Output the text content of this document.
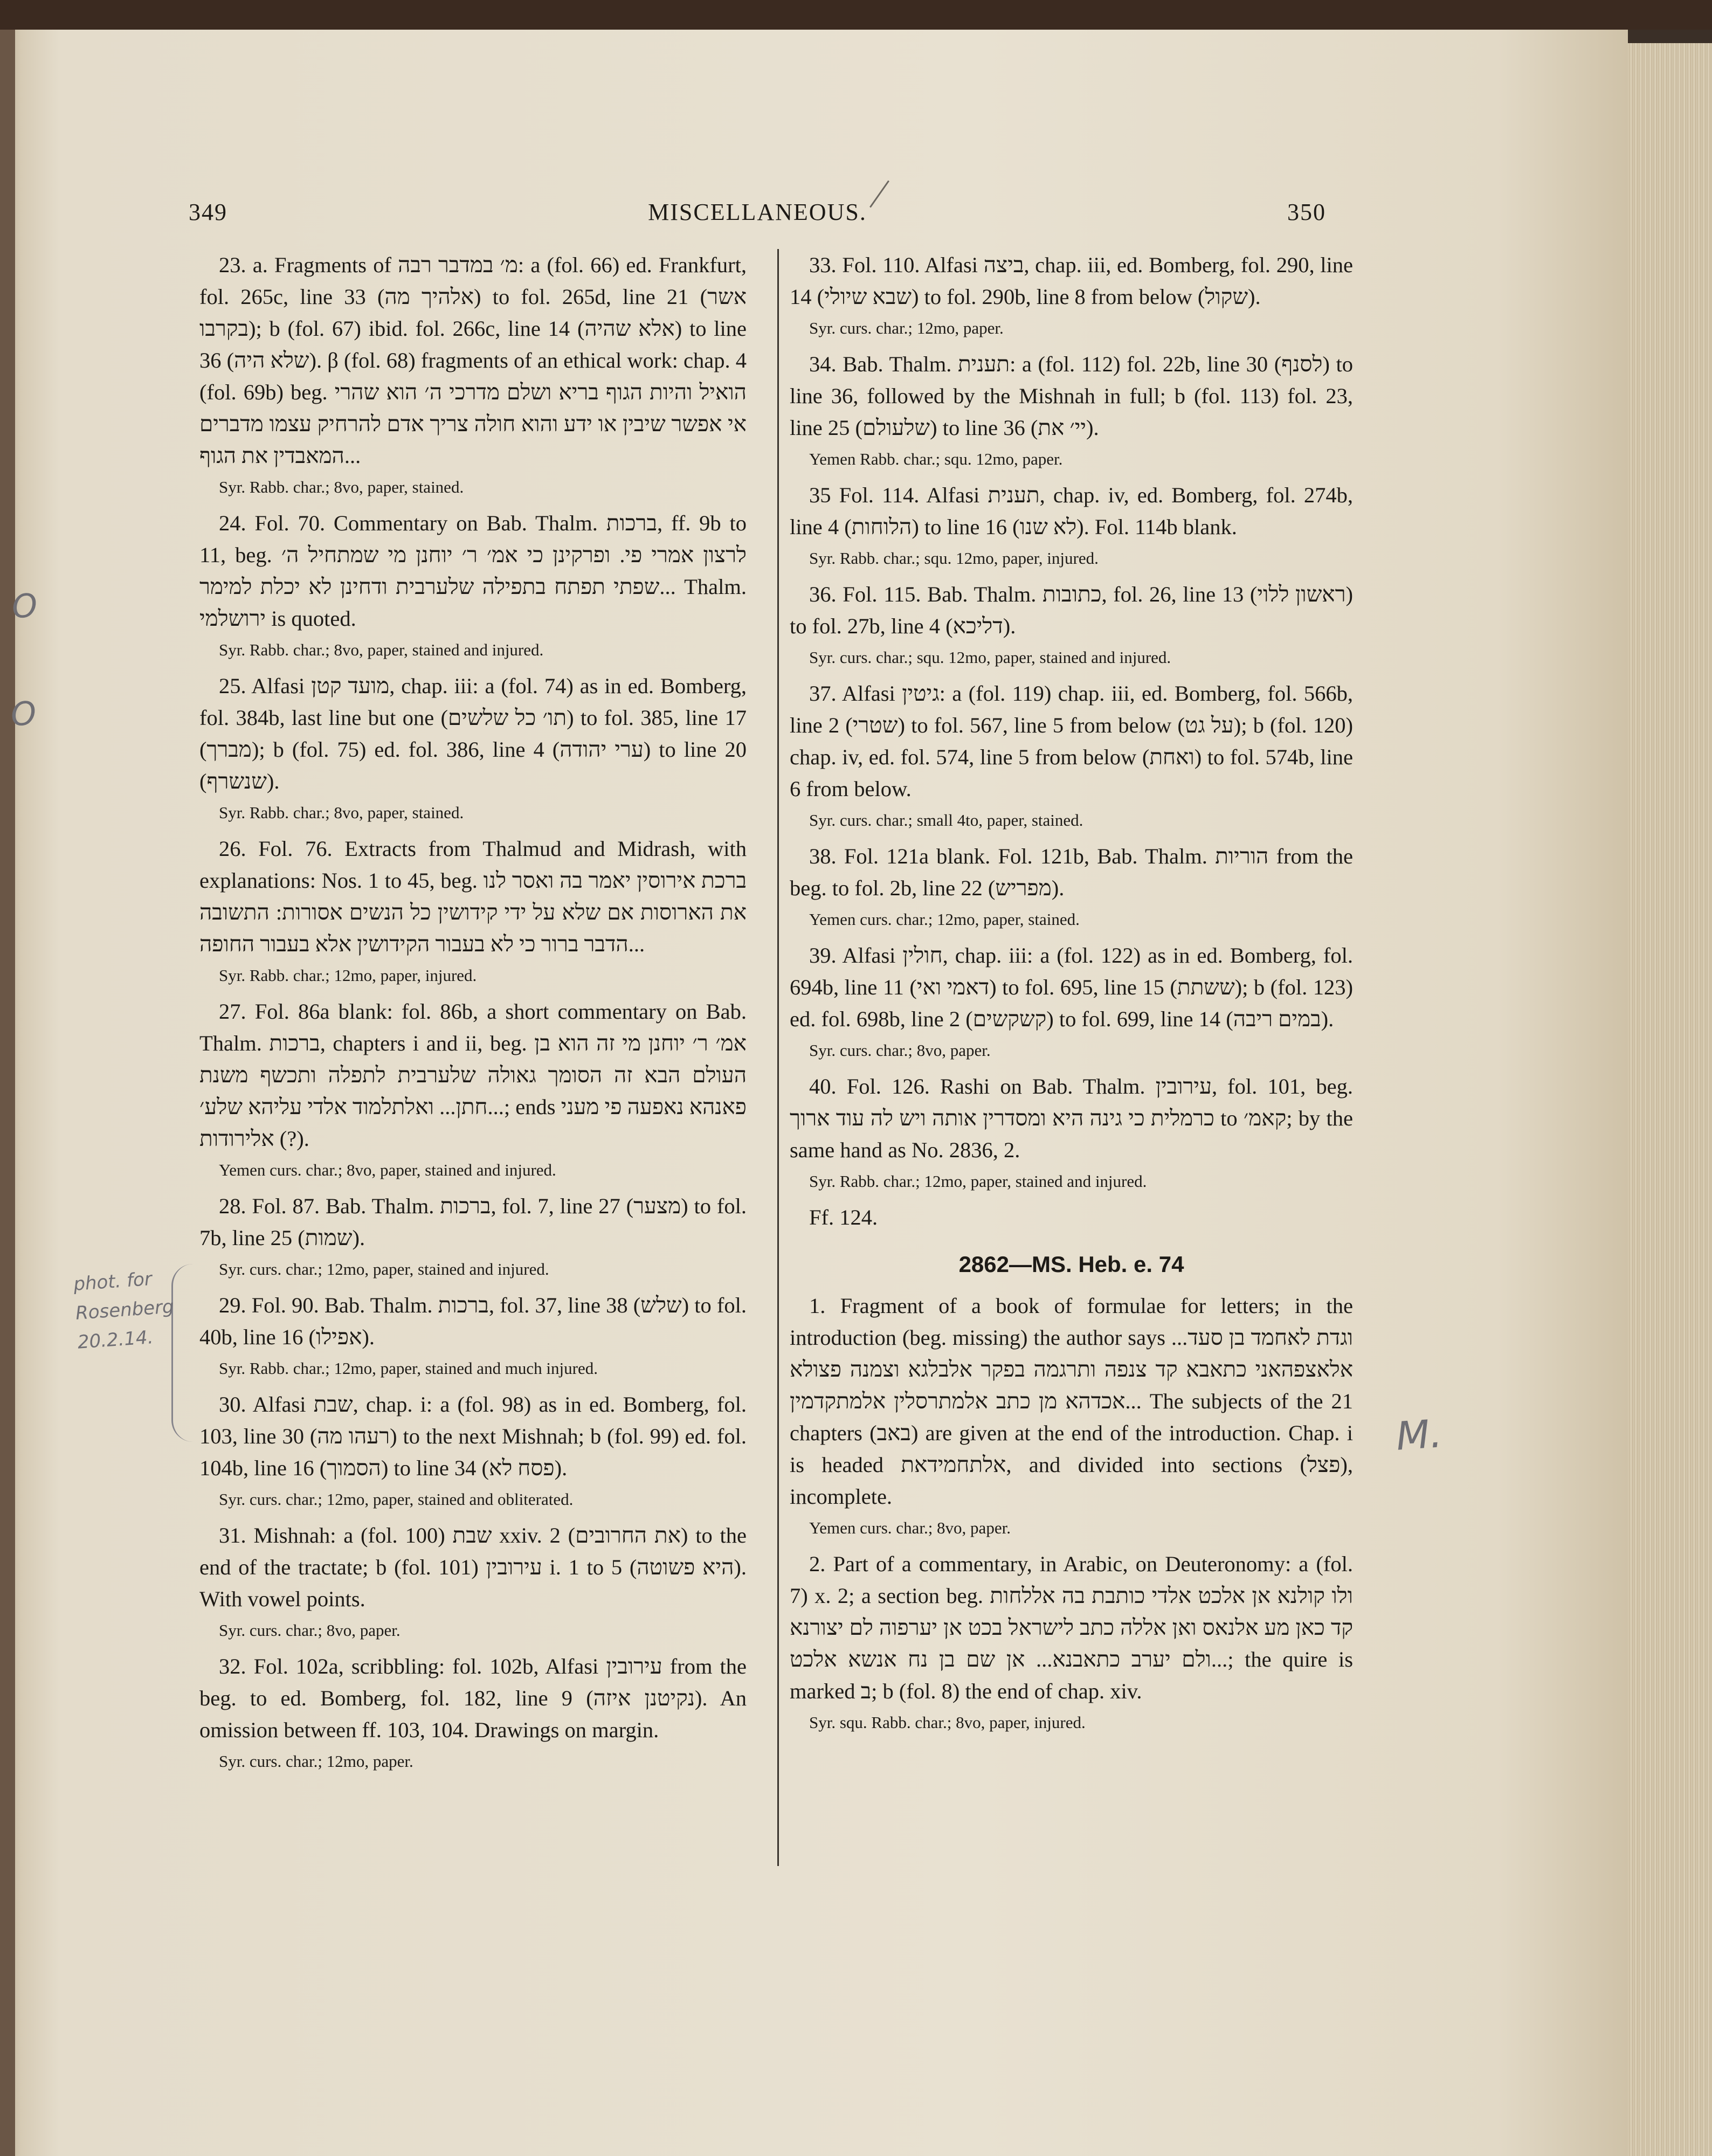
349	MISCELLANEOUS.	350
23. a. Fragments of מ׳ במדבר רבה: a (fol. 66) ed. Frankfurt, fol. 265c, line 33 (אלהיך מה) to fol. 265d, line 21 (אשר בקרבו); b (fol. 67) ibid. fol. 266c, line 14 (אלא שהיה) to line 36 (שלא היה). β (fol. 68) fragments of an ethical work: chap. 4 (fol. 69b) beg. הואיל והיות הגוף בריא ושלם מדרכי ה׳ הוא שהרי אי אפשר שיבין או ידע והוא חולה צריך אדם להרחיק עצמו מדברים המאבדין את הגוף...
Syr. Rabb. char.; 8vo, paper, stained.
24. Fol. 70. Commentary on Bab. Thalm. ברכות, ff. 9b to 11, beg. לרצון אמרי פי. ופרקינן כי אמ׳ ר׳ יוחנן מי שמתחיל ה׳ שפתי תפתח בתפילה שלערבית ודחינן לא יכלת למימר... Thalm. ירושלמי is quoted.
Syr. Rabb. char.; 8vo, paper, stained and injured.
25. Alfasi מועד קטן, chap. iii: a (fol. 74) as in ed. Bomberg, fol. 384b, last line but one (תו׳ כל שלשים) to fol. 385, line 17 (מברך); b (fol. 75) ed. fol. 386, line 4 (ערי יהודה) to line 20 (שנשרף).
Syr. Rabb. char.; 8vo, paper, stained.
26. Fol. 76. Extracts from Thalmud and Midrash, with explanations: Nos. 1 to 45, beg. ברכת אירוסין יאמר בה ואסר לנו את הארוסות אם שלא על ידי קידושין כל הנשים אסורות: התשובה הדבר ברור כי לא בעבור הקידושין אלא בעבור החופה...
Syr. Rabb. char.; 12mo, paper, injured.
27. Fol. 86a blank: fol. 86b, a short commentary on Bab. Thalm. ברכות, chapters i and ii, beg. אמ׳ ר׳ יוחנן מי זה הוא בן העולם הבא זה הסומך גאולה שלערבית לתפלה ותכשף משנת חתן... ואלתלמוד אלדי עליהא שלע׳...; ends פאנהא נאפעה פי מעני אלירודות (?).
Yemen curs. char.; 8vo, paper, stained and injured.
28. Fol. 87. Bab. Thalm. ברכות, fol. 7, line 27 (מצער) to fol. 7b, line 25 (שמות).
Syr. curs. char.; 12mo, paper, stained and injured.
29. Fol. 90. Bab. Thalm. ברכות, fol. 37, line 38 (שלש) to fol. 40b, line 16 (אפילו).
Syr. Rabb. char.; 12mo, paper, stained and much injured.
30. Alfasi שבת, chap. i: a (fol. 98) as in ed. Bomberg, fol. 103, line 30 (רעהו מה) to the next Mishnah; b (fol. 99) ed. fol. 104b, line 16 (הסמוך) to line 34 (פסח לא).
Syr. curs. char.; 12mo, paper, stained and obliterated.
31. Mishnah: a (fol. 100) שבת xxiv. 2 (את החרובים) to the end of the tractate; b (fol. 101) עירובין i. 1 to 5 (היא פשוטה). With vowel points.
Syr. curs. char.; 8vo, paper.
32. Fol. 102a, scribbling: fol. 102b, Alfasi עירובין from the beg. to ed. Bomberg, fol. 182, line 9 (נקיטנן איזה). An omission between ff. 103, 104. Drawings on margin.
Syr. curs. char.; 12mo, paper.
33. Fol. 110. Alfasi ביצה, chap. iii, ed. Bomberg, fol. 290, line 14 (שבא שיולי) to fol. 290b, line 8 from below (שקול).
Syr. curs. char.; 12mo, paper.
34. Bab. Thalm. תענית: a (fol. 112) fol. 22b, line 30 (לסנף) to line 36, followed by the Mishnah in full; b (fol. 113) fol. 23, line 25 (שלעולם) to line 36 (יי׳ את).
Yemen Rabb. char.; squ. 12mo, paper.
35 Fol. 114. Alfasi תענית, chap. iv, ed. Bomberg, fol. 274b, line 4 (הלוחות) to line 16 (לא שנו). Fol. 114b blank.
Syr. Rabb. char.; squ. 12mo, paper, injured.
36. Fol. 115. Bab. Thalm. כתובות, fol. 26, line 13 (ראשון ללוי) to fol. 27b, line 4 (דליכא).
Syr. curs. char.; squ. 12mo, paper, stained and injured.
37. Alfasi גיטין: a (fol. 119) chap. iii, ed. Bomberg, fol. 566b, line 2 (שטרי) to fol. 567, line 5 from below (על גט); b (fol. 120) chap. iv, ed. fol. 574, line 5 from below (ואחת) to fol. 574b, line 6 from below.
Syr. curs. char.; small 4to, paper, stained.
38. Fol. 121a blank. Fol. 121b, Bab. Thalm. הוריות from the beg. to fol. 2b, line 22 (מפריש).
Yemen curs. char.; 12mo, paper, stained.
39. Alfasi חולין, chap. iii: a (fol. 122) as in ed. Bomberg, fol. 694b, line 11 (דאמי ואי) to fol. 695, line 15 (ששתת); b (fol. 123) ed. fol. 698b, line 2 (קשקשים) to fol. 699, line 14 (במים ריבה).
Syr. curs. char.; 8vo, paper.
40. Fol. 126. Rashi on Bab. Thalm. עירובין, fol. 101, beg. כרמלית כי גינה היא ומסדרין אותה ויש לה עוד ארוך to קאמ׳; by the same hand as No. 2836, 2.
Syr. Rabb. char.; 12mo, paper, stained and injured.
Ff. 124.
2862—MS. Heb. e. 74
1. Fragment of a book of formulae for letters; in the introduction (beg. missing) the author says ...וגדת לאחמד בן סעד אלאצפהאני כתאבא קד צנפה ותרגמה בפקר אלבלגא וצמנה פצולא אכדהא מן כתב אלמתרסלין אלמתקדמין... The subjects of the 21 chapters (באב) are given at the end of the introduction. Chap. i is headed אלתחמידאת, and divided into sections (פצל), incomplete.
Yemen curs. char.; 8vo, paper.
2. Part of a commentary, in Arabic, on Deuteronomy: a (fol. 7) x. 2; a section beg. ולו קולנא אן אלכט אלדי כותבת בה אללחות קד כאן מע אלנאס ואן אללה כתב לישראל בכט אן יערפוה לם יצורנא ולם יערב כתאבנא... אן שם בן נח אנשא אלכט...; the quire is marked ב; b (fol. 8) the end of chap. xiv.
Syr. squ. Rabb. char.; 8vo, paper, injured.
phot. for Rosenberg 20.2.14.
M.
O
O
